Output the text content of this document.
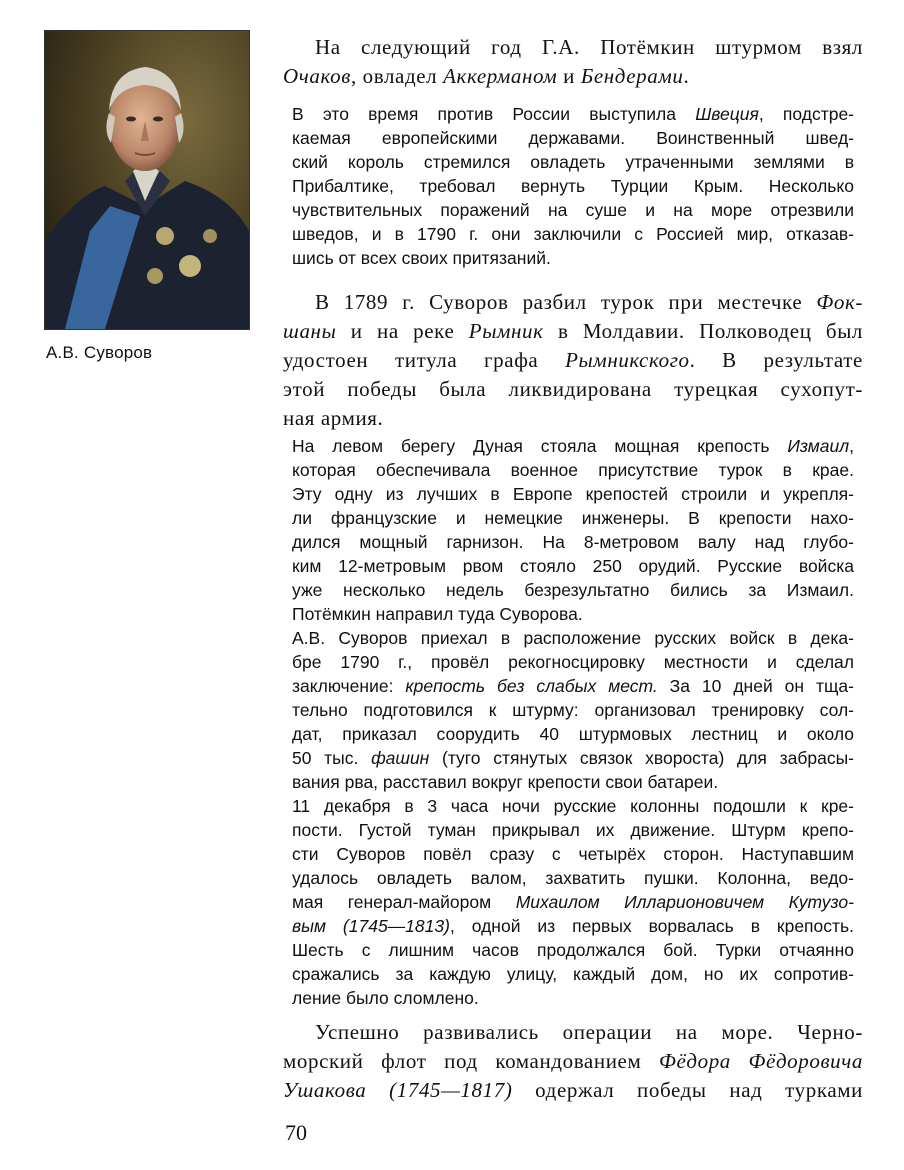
А.В. Суворов
На следующий год Г.А. Потёмкин штурмом взял
Очаков, овладел Аккерманом и Бендерами.
В это время против России выступила Швеция, подстре-
каемая европейскими державами. Воинственный швед-
ский король стремился овладеть утраченными землями в
Прибалтике, требовал вернуть Турции Крым. Несколько
чувствительных поражений на суше и на море отрезвили
шведов, и в 1790 г. они заключили с Россией мир, отказав-
шись от всех своих притязаний.
В 1789 г. Суворов разбил турок при местечке Фок-
шаны и на реке Рымник в Молдавии. Полководец был
удостоен титула графа Рымникского. В результате
этой победы была ликвидирована турецкая сухопут-
ная армия.
На левом берегу Дуная стояла мощная крепость Измаил,
которая обеспечивала военное присутствие турок в крае.
Эту одну из лучших в Европе крепостей строили и укрепля-
ли французские и немецкие инженеры. В крепости нахо-
дился мощный гарнизон. На 8-метровом валу над глубо-
ким 12-метровым рвом стояло 250 орудий. Русские войска
уже несколько недель безрезультатно бились за Измаил.
Потёмкин направил туда Суворова.
А.В. Суворов приехал в расположение русских войск в дека-
бре 1790 г., провёл рекогносцировку местности и сделал
заключение: крепость без слабых мест. За 10 дней он тща-
тельно подготовился к штурму: организовал тренировку сол-
дат, приказал соорудить 40 штурмовых лестниц и около
50 тыс. фашин (туго стянутых связок хвороста) для забрасы-
вания рва, расставил вокруг крепости свои батареи.
11 декабря в 3 часа ночи русские колонны подошли к кре-
пости. Густой туман прикрывал их движение. Штурм крепо-
сти Суворов повёл сразу с четырёх сторон. Наступавшим
удалось овладеть валом, захватить пушки. Колонна, ведо-
мая генерал-майором Михаилом Илларионовичем Кутузо-
вым (1745—1813), одной из первых ворвалась в крепость.
Шесть с лишним часов продолжался бой. Турки отчаянно
сражались за каждую улицу, каждый дом, но их сопротив-
ление было сломлено.
Успешно развивались операции на море. Черно-
морский флот под командованием Фёдора Фёдоровича
Ушакова (1745—1817) одержал победы над турками
70
